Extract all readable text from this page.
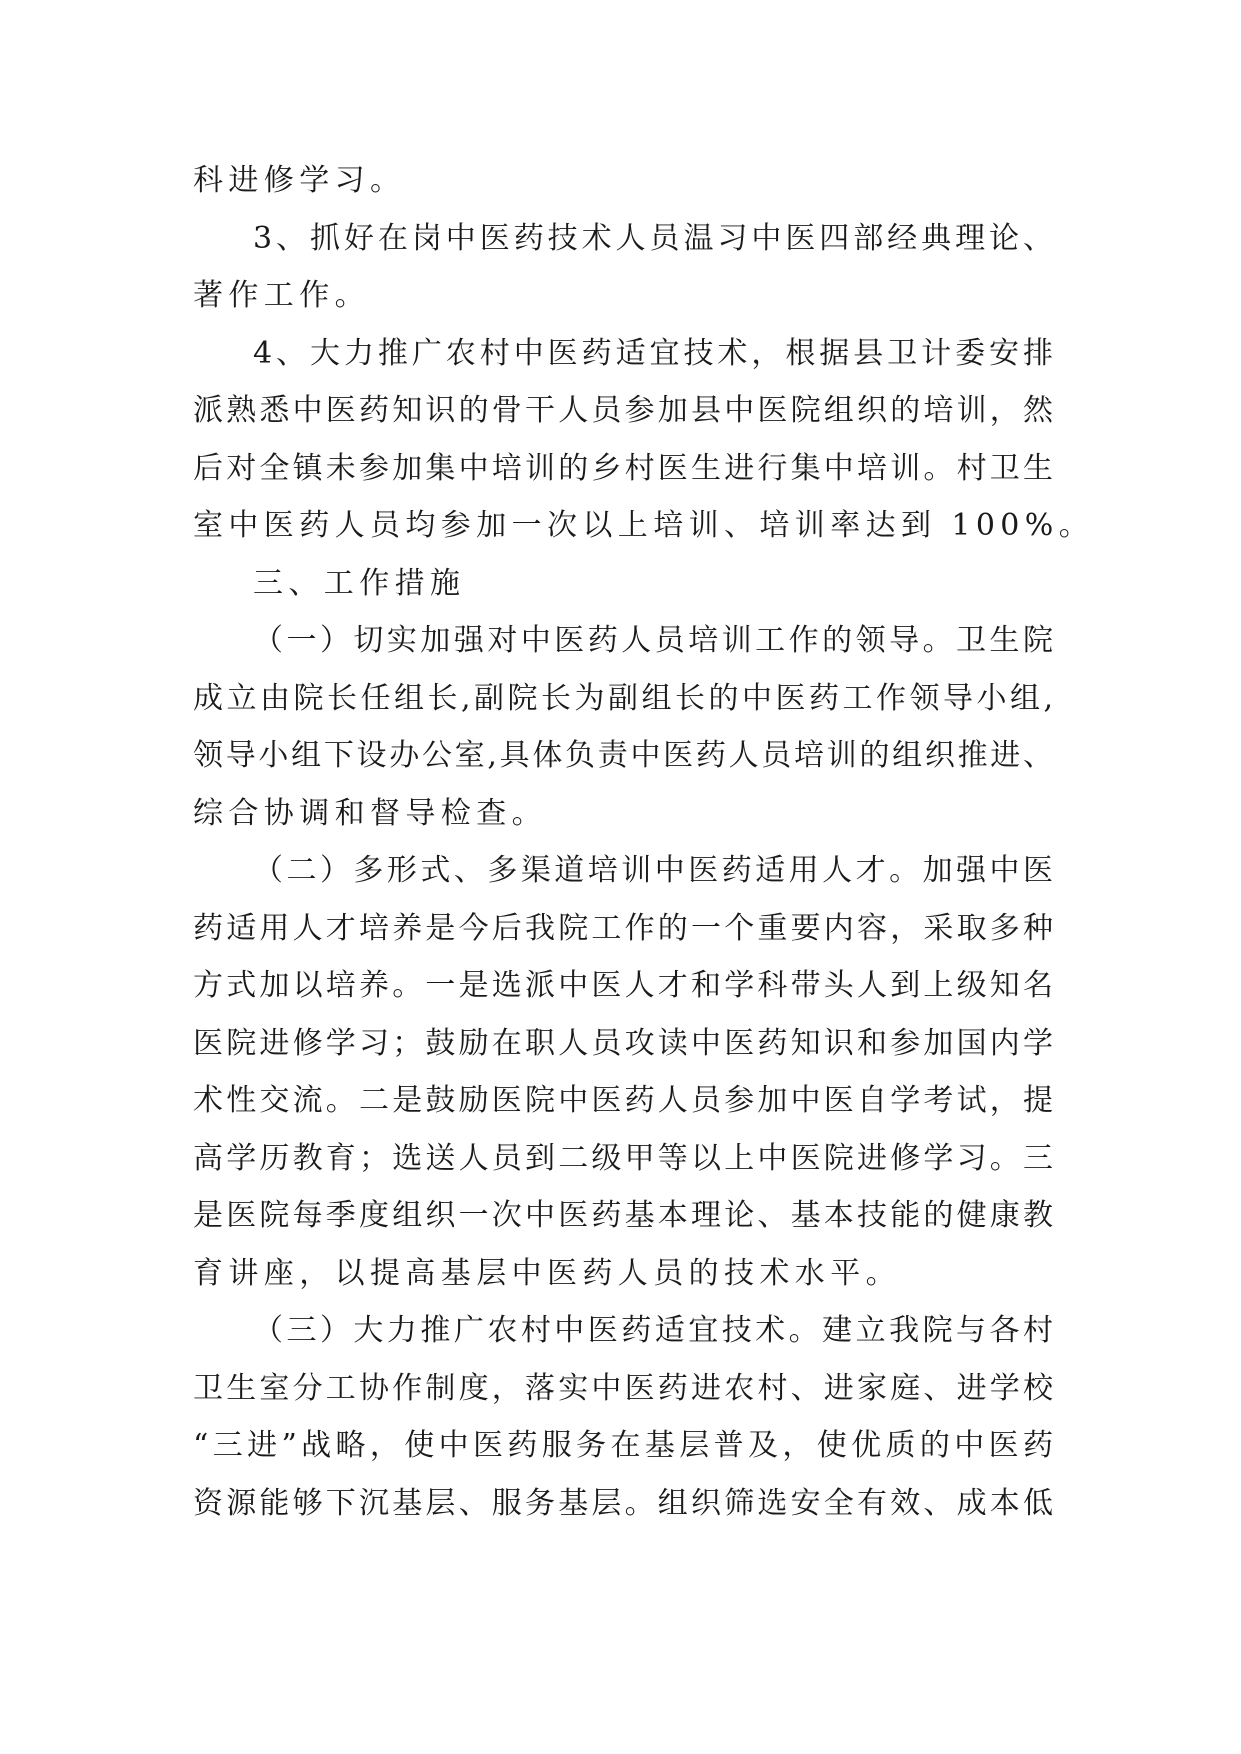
科进修学习。
3、抓好在岗中医药技术人员温习中医四部经典理论、
著作工作。
4、大力推广农村中医药适宜技术，根据县卫计委安排
派熟悉中医药知识的骨干人员参加县中医院组织的培训，然
后对全镇未参加集中培训的乡村医生进行集中培训。村卫生
室中医药人员均参加一次以上培训、培训率达到 100%。
三、工作措施
（一）切实加强对中医药人员培训工作的领导。卫生院
成立由院长任组长,副院长为副组长的中医药工作领导小组,
领导小组下设办公室,具体负责中医药人员培训的组织推进、
综合协调和督导检查。
（二）多形式、多渠道培训中医药适用人才。加强中医
药适用人才培养是今后我院工作的一个重要内容，采取多种
方式加以培养。一是选派中医人才和学科带头人到上级知名
医院进修学习；鼓励在职人员攻读中医药知识和参加国内学
术性交流。二是鼓励医院中医药人员参加中医自学考试，提
高学历教育；选送人员到二级甲等以上中医院进修学习。三
是医院每季度组织一次中医药基本理论、基本技能的健康教
育讲座，以提高基层中医药人员的技术水平。
（三）大力推广农村中医药适宜技术。建立我院与各村
卫生室分工协作制度，落实中医药进农村、进家庭、进学校
“三进”战略，使中医药服务在基层普及，使优质的中医药
资源能够下沉基层、服务基层。组织筛选安全有效、成本低
